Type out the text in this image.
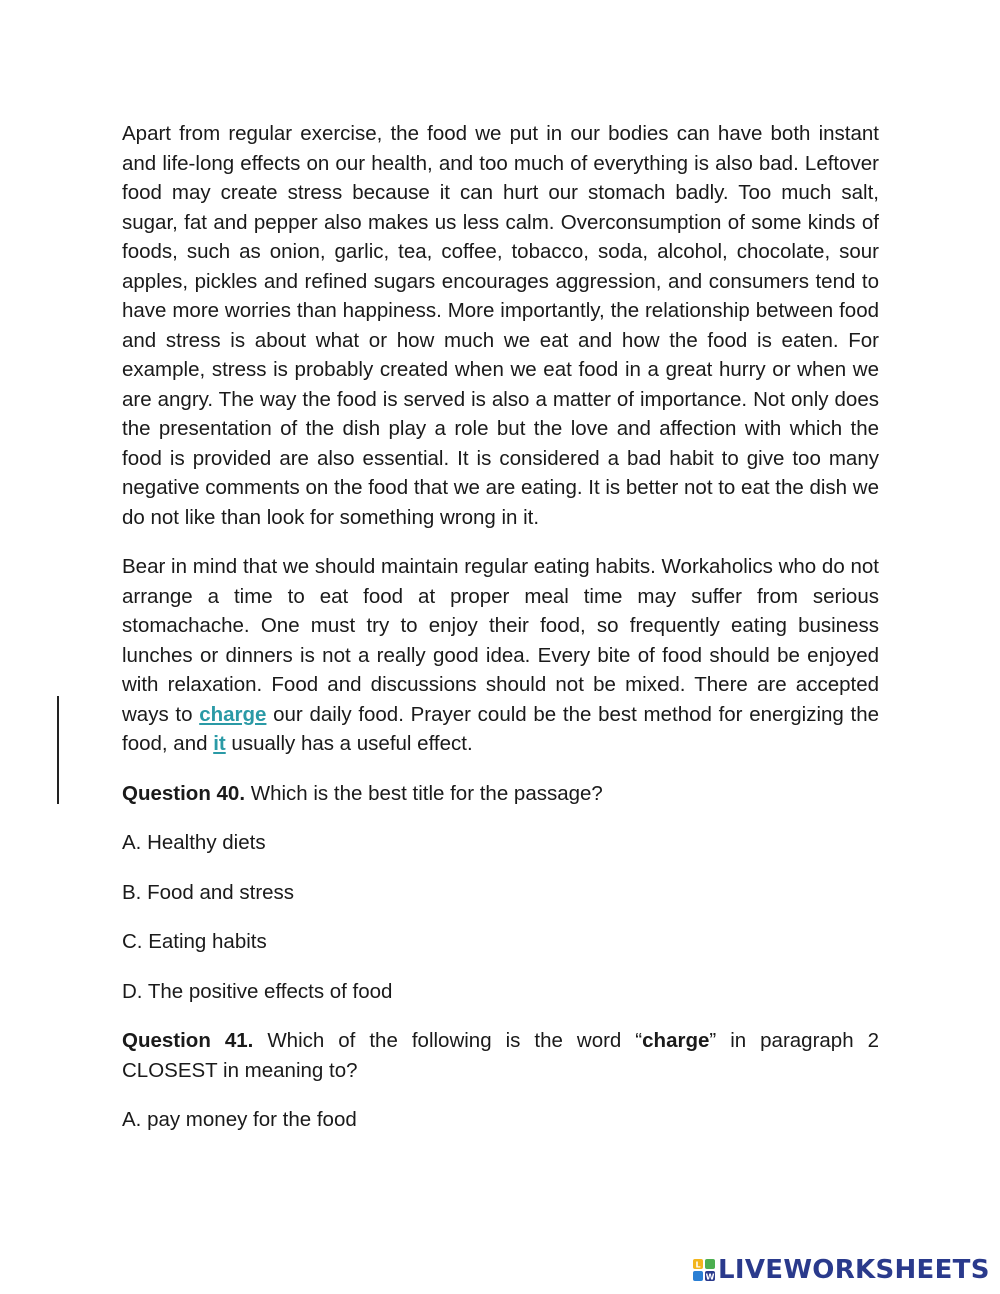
Apart from regular exercise, the food we put in our bodies can have both instant and life-long effects on our health, and too much of everything is also bad. Leftover food may create stress because it can hurt our stomach badly. Too much salt, sugar, fat and pepper also makes us less calm. Overconsumption of some kinds of foods, such as onion, garlic, tea, coffee, tobacco, soda, alcohol, chocolate, sour apples, pickles and refined sugars encourages aggression, and consumers tend to have more worries than happiness. More importantly, the relationship between food and stress is about what or how much we eat and how the food is eaten. For example, stress is probably created when we eat food in a great hurry or when we are angry. The way the food is served is also a matter of importance. Not only does the presentation of the dish play a role but the love and affection with which the food is provided are also essential. It is considered a bad habit to give too many negative comments on the food that we are eating. It is better not to eat the dish we do not like than look for something wrong in it.

Bear in mind that we should maintain regular eating habits. Workaholics who do not arrange a time to eat food at proper meal time may suffer from serious stomachache. One must try to enjoy their food, so frequently eating business lunches or dinners is not a really good idea. Every bite of food should be enjoyed with relaxation. Food and discussions should not be mixed. There are accepted ways to charge our daily food. Prayer could be the best method for energizing the food, and it usually has a useful effect.

Question 40. Which is the best title for the passage?

A. Healthy diets

B. Food and stress

C. Eating habits

D. The positive effects of food

Question 41. Which of the following is the word “charge” in paragraph 2 CLOSEST in meaning to?

A. pay money for the food

L
W LIVEWORKSHEETS
